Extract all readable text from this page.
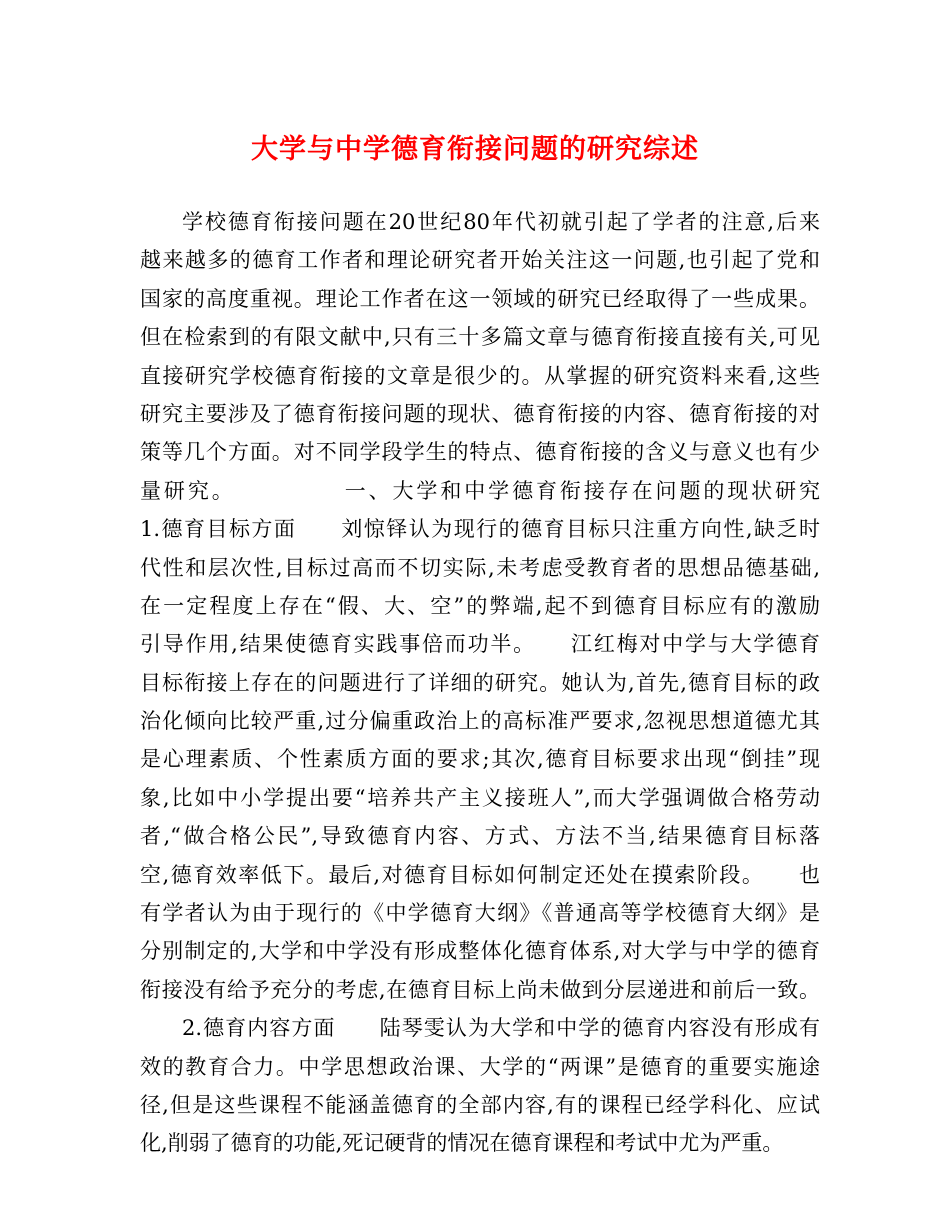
大学与中学德育衔接问题的研究综述
学校德育衔接问题在20世纪80年代初就引起了学者的注意,后来
越来越多的德育工作者和理论研究者开始关注这一问题,也引起了党和
国家的高度重视。理论工作者在这一领域的研究已经取得了一些成果。
但在检索到的有限文献中,只有三十多篇文章与德育衔接直接有关,可见
直接研究学校德育衔接的文章是很少的。从掌握的研究资料来看,这些
研究主要涉及了德育衔接问题的现状、德育衔接的内容、德育衔接的对
策等几个方面。对不同学段学生的特点、德育衔接的含义与意义也有少
量研究。　　　　　一、大学和中学德育衔接存在问题的现状研究
1.德育目标方面　　刘惊铎认为现行的德育目标只注重方向性,缺乏时
代性和层次性,目标过高而不切实际,未考虑受教育者的思想品德基础,
在一定程度上存在“假、大、空”的弊端,起不到德育目标应有的激励
引导作用,结果使德育实践事倍而功半。　　江红梅对中学与大学德育
目标衔接上存在的问题进行了详细的研究。她认为,首先,德育目标的政
治化倾向比较严重,过分偏重政治上的高标准严要求,忽视思想道德尤其
是心理素质、个性素质方面的要求;其次,德育目标要求出现“倒挂”现
象,比如中小学提出要“培养共产主义接班人”,而大学强调做合格劳动
者,“做合格公民”,导致德育内容、方式、方法不当,结果德育目标落
空,德育效率低下。最后,对德育目标如何制定还处在摸索阶段。　　也
有学者认为由于现行的《中学德育大纲》《普通高等学校德育大纲》是
分别制定的,大学和中学没有形成整体化德育体系,对大学与中学的德育
衔接没有给予充分的考虑,在德育目标上尚未做到分层递进和前后一致。
2.德育内容方面　　陆琴雯认为大学和中学的德育内容没有形成有
效的教育合力。中学思想政治课、大学的“两课”是德育的重要实施途
径,但是这些课程不能涵盖德育的全部内容,有的课程已经学科化、应试
化,削弱了德育的功能,死记硬背的情况在德育课程和考试中尤为严重。
